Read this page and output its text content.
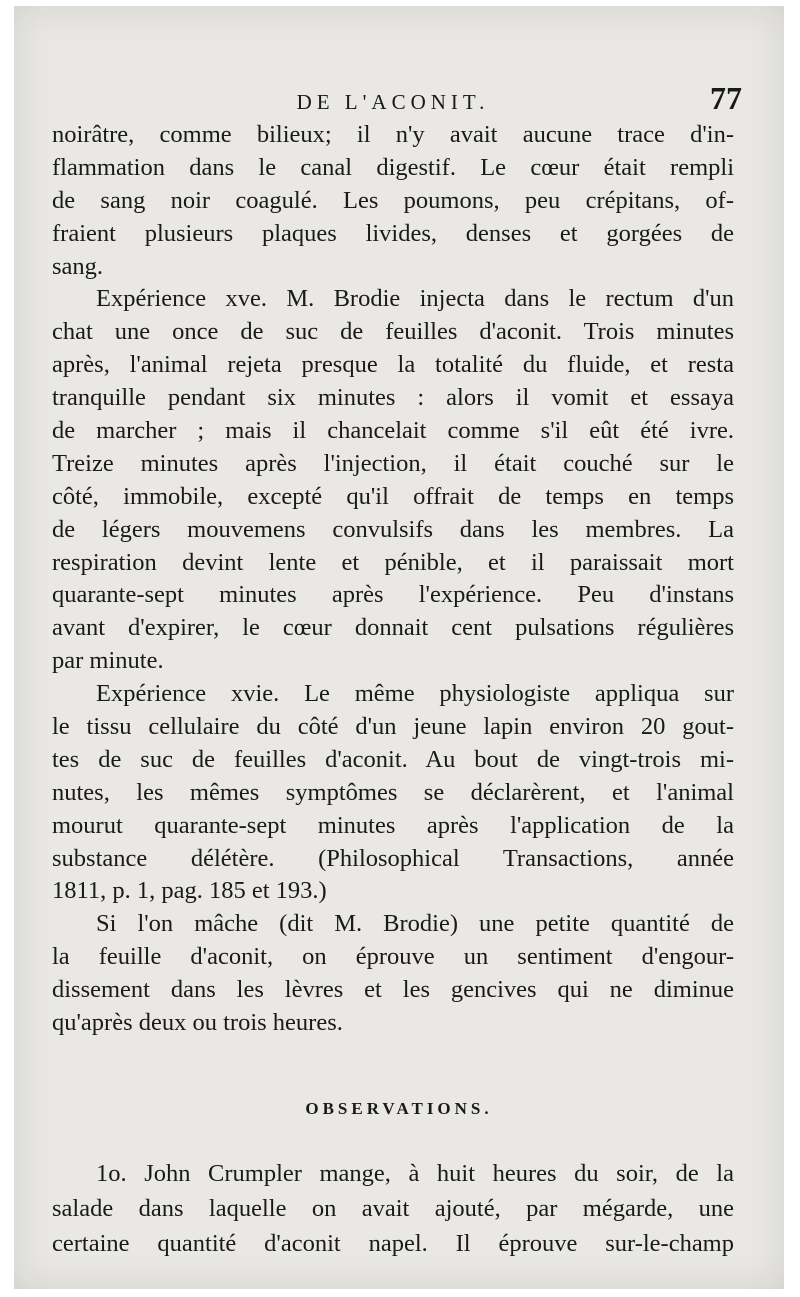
DE L'ACONIT.	77
noirâtre, comme bilieux; il n'y avait aucune trace d'in-
flammation dans le canal digestif. Le cœur était rempli
de sang noir coagulé. Les poumons, peu crépitans, of-
fraient plusieurs plaques livides, denses et gorgées de
sang.
Expérience xve. M. Brodie injecta dans le rectum d'un
chat une once de suc de feuilles d'aconit. Trois minutes
après, l'animal rejeta presque la totalité du fluide, et resta
tranquille pendant six minutes : alors il vomit et essaya
de marcher ; mais il chancelait comme s'il eût été ivre.
Treize minutes après l'injection, il était couché sur le
côté, immobile, excepté qu'il offrait de temps en temps
de légers mouvemens convulsifs dans les membres. La
respiration devint lente et pénible, et il paraissait mort
quarante-sept minutes après l'expérience. Peu d'instans
avant d'expirer, le cœur donnait cent pulsations régulières
par minute.
Expérience xvie. Le même physiologiste appliqua sur
le tissu cellulaire du côté d'un jeune lapin environ 20 gout-
tes de suc de feuilles d'aconit. Au bout de vingt-trois mi-
nutes, les mêmes symptômes se déclarèrent, et l'animal
mourut quarante-sept minutes après l'application de la
substance délétère. (Philosophical Transactions, année
1811, p. 1, pag. 185 et 193.)
Si l'on mâche (dit M. Brodie) une petite quantité de
la feuille d'aconit, on éprouve un sentiment d'engour-
dissement dans les lèvres et les gencives qui ne diminue
qu'après deux ou trois heures.
OBSERVATIONS.
1o. John Crumpler mange, à huit heures du soir, de la
salade dans laquelle on avait ajouté, par mégarde, une
certaine quantité d'aconit napel. Il éprouve sur-le-champ
